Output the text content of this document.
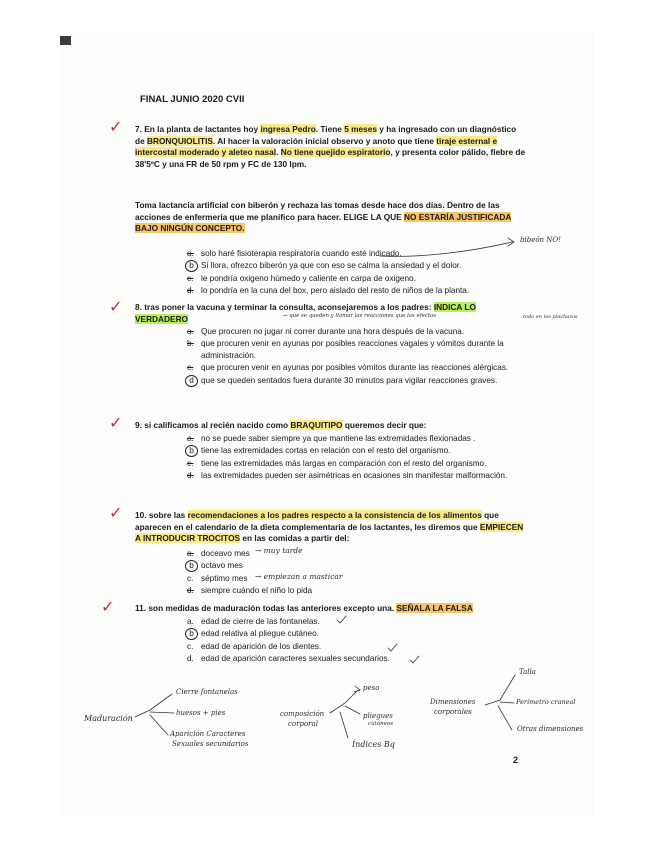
FINAL JUNIO 2020 CVII
✓
✓
✓
✓
✓

7. En la planta de lactantes hoy ingresa Pedro. Tiene 5 meses y ha ingresado con un diagnóstico de BRONQUIOLITIS. Al hacer la valoración inicial observo y anoto que tiene tiraje esternal e intercostal moderado y aleteo nasal. No tiene quejido espiratorio, y presenta color pálido, fiebre de 38'5ºC y una FR de 50 rpm y FC de 130 lpm.

Toma lactancia artificial con biberón y rechaza las tomas desde hace dos días. Dentro de las acciones de enfermería que me planifico para hacer. ELIGE LA QUE NO ESTARÍA JUSTIFICADA BAJO NINGÚN CONCEPTO.

a. solo haré fisioterapia respiratoria cuando esté indicado.
b Si llora, ofrezco biberón ya que con eso se calma la ansiedad y el dolor.
c. le pondría oxigeno húmedo y caliente en carpa de oxigeno.
d. lo pondría en la cuna del box, pero aislado del resto de niños de la planta.

8. tras poner la vacuna y terminar la consulta, aconsejaremos a los padres: INDICA LO VERDADERO

a. Que procuren no jugar ni correr durante una hora después de la vacuna.
b. que procuren venir en ayunas por posibles reacciones vagales y vómitos durante la administración.
c. que procuren venir en ayunas por posibles vómitos durante las reacciones alérgicas.
d que se queden sentados fuera durante 30 minutos para vigilar reacciones graves.

9. si calificamos al recién nacido como BRAQUITIPO queremos decir que:

a. no se puede saber siempre ya que mantiene las extremidades flexionadas .
b tiene las extremidades cortas en relación con el resto del organismo.
c. tiene las extremidades más largas en comparación con el resto del organismo.
d. las extremidades pueden ser asimétricas en ocasiones sin manifestar malformación.

10. sobre las recomendaciones a los padres respecto a la consistencia de los alimentos que aparecen en el calendario de la dieta complementaria de los lactantes, les diremos que EMPIECEN A INTRODUCIR TROCITOS en las comidas a partir del:

a. doceavo mes
b octavo mes
c. séptimo mes
d. siempre cuándo el niño lo pida

11. son medidas de maduración todas las anteriores excepto una. SEÑALA LA FALSA

a. edad de cierre de las fontanelas.
b edad relativa al pliegue cutáneo.
c. edad de aparición de los dientes.
d. edad de aparición caracteres sexuales secundarios.
bibeón NO!
→ que se queden y llamar las reacciones que las efectos	todo en los pinchazos
→ muy tarde
→ empiezan a masticar
Maduración
Cierre fontanelas
huesos + pies
Aparición Caracteres
Sexuales secundarios
composición
corporal
peso
pliegues
cutáneos
Índices Bq
Dimensiones
corporales
Talla
Perímetro craneal
Otras dimensiones
2
